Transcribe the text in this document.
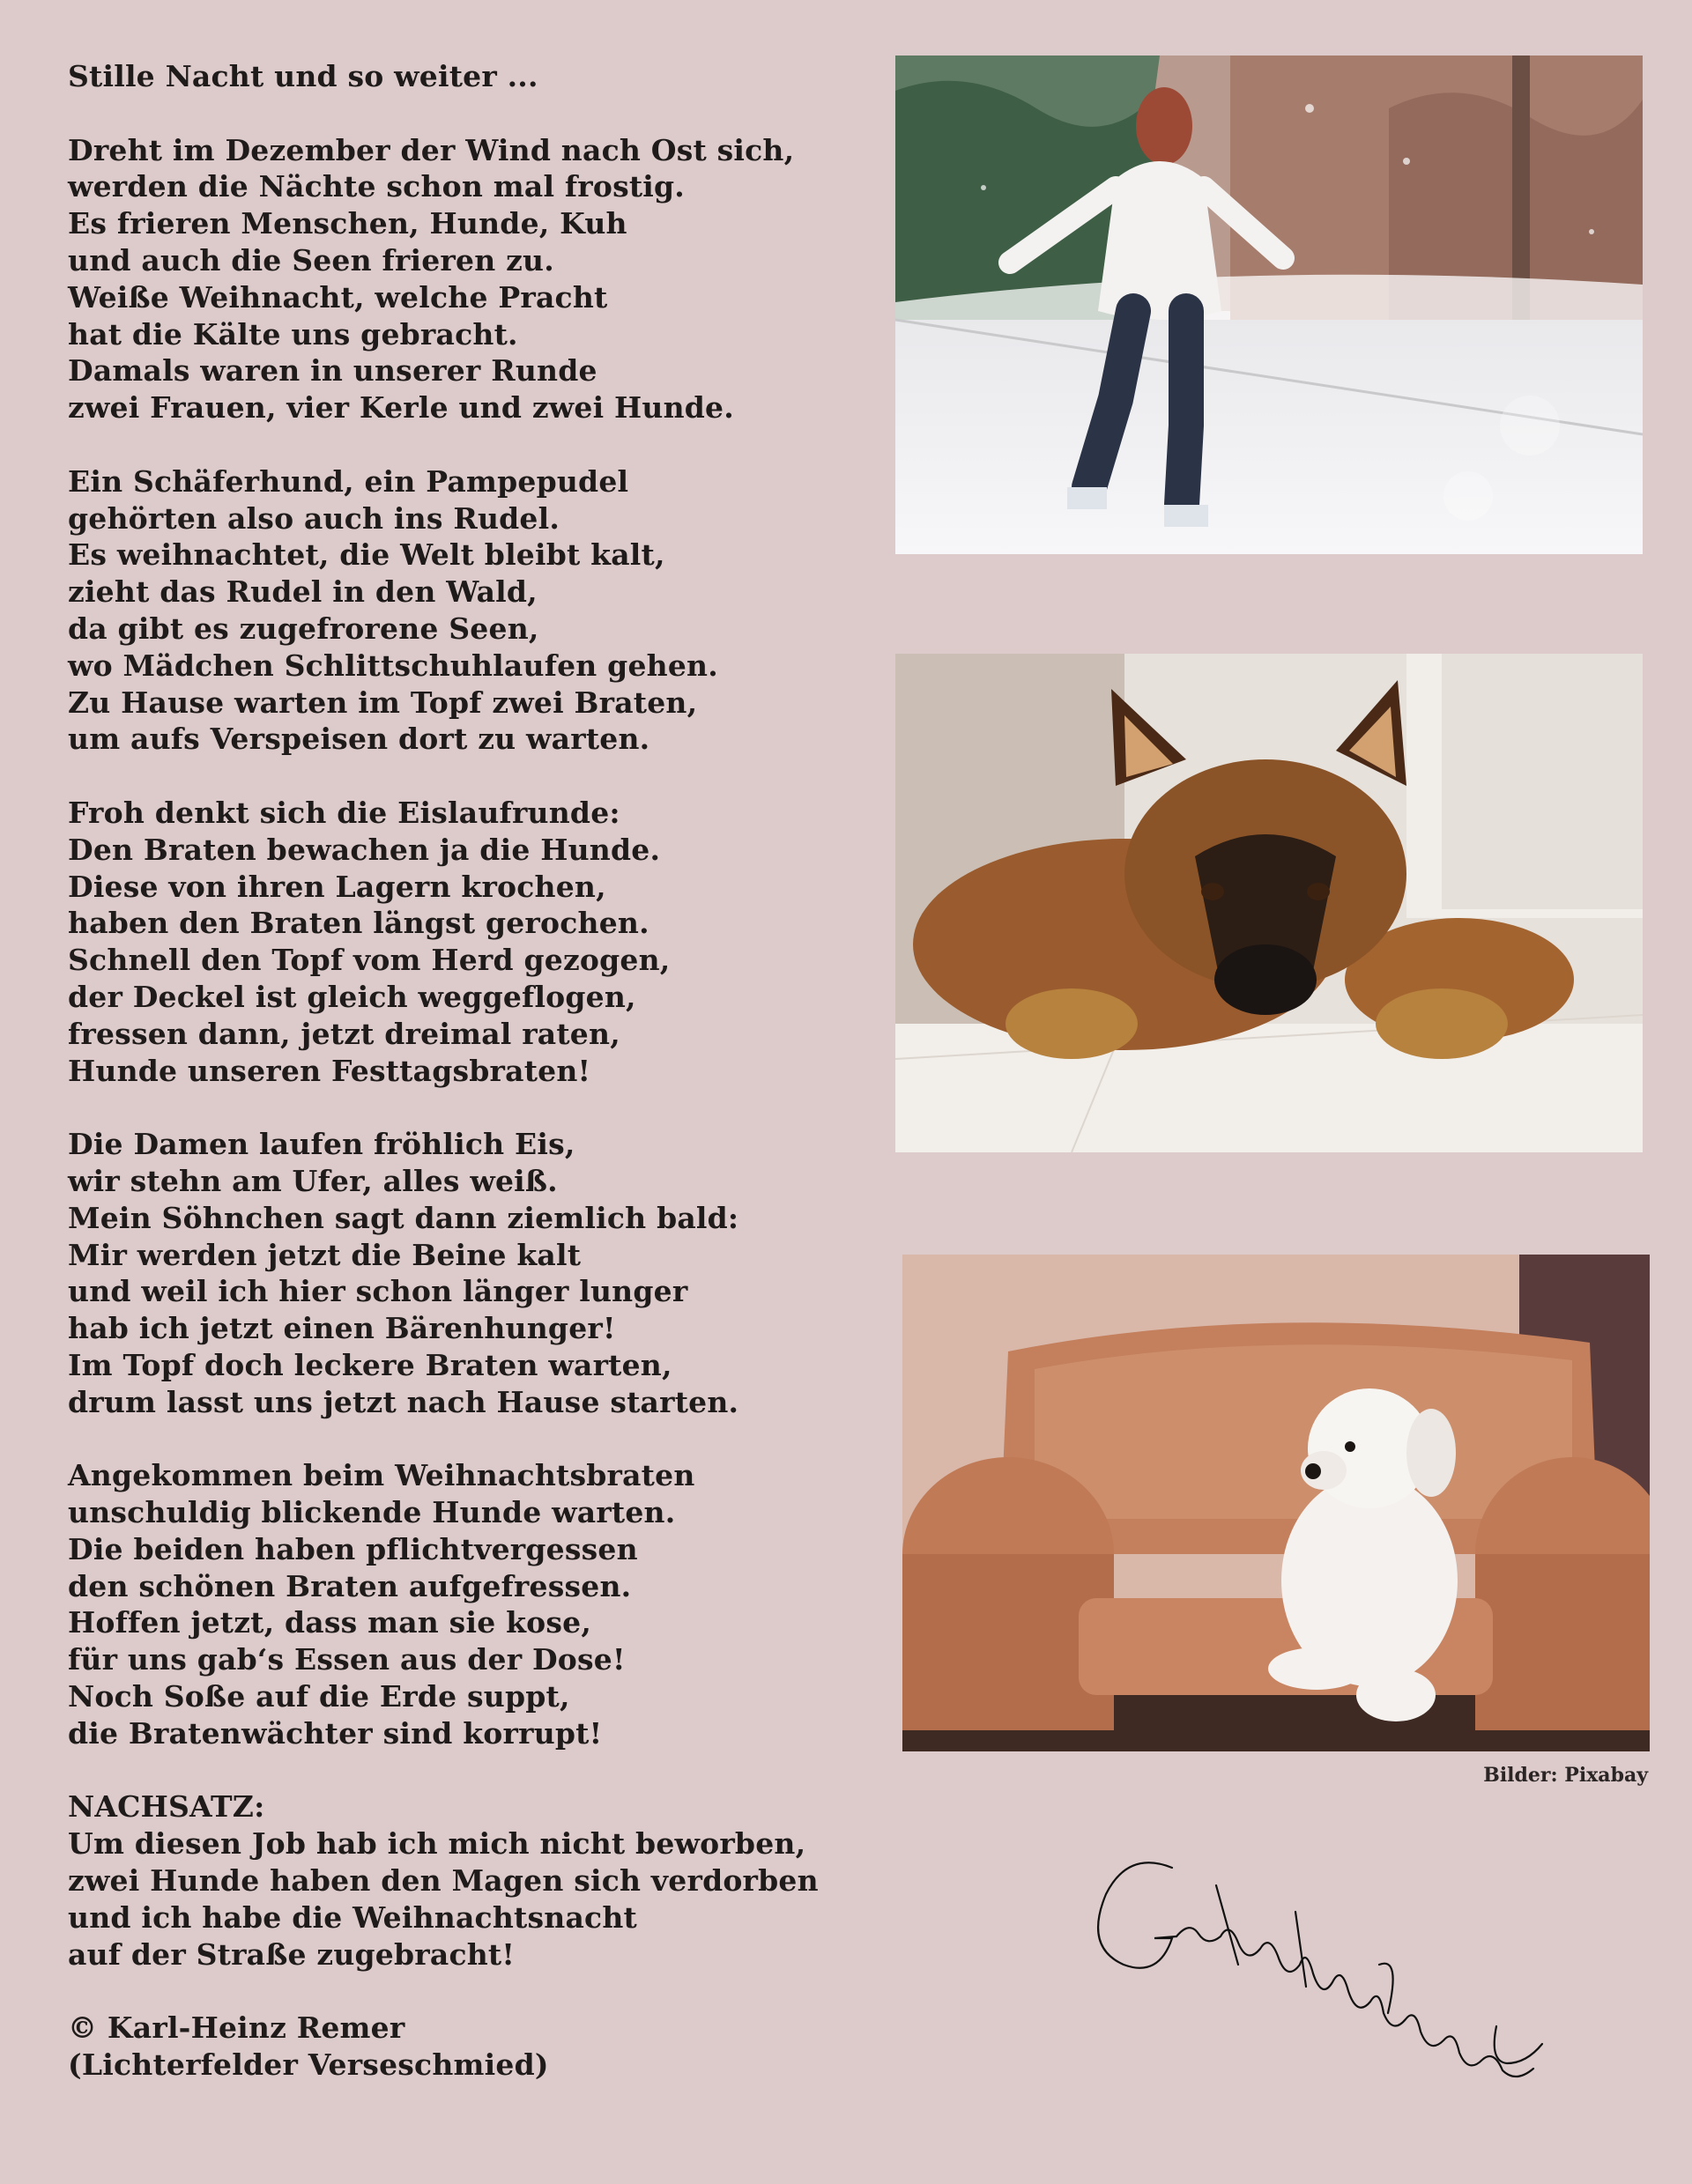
Stille Nacht und so weiter ...
Dreht im Dezember der Wind nach Ost sich,
werden die Nächte schon mal frostig.
Es frieren Menschen, Hunde, Kuh
und auch die Seen frieren zu.
Weiße Weihnacht, welche Pracht
hat die Kälte uns gebracht.
Damals waren in unserer Runde
zwei Frauen, vier Kerle und zwei Hunde.
Ein Schäferhund, ein Pampepudel
gehörten also auch ins Rudel.
Es weihnachtet, die Welt bleibt kalt,
zieht das Rudel in den Wald,
da gibt es zugefrorene Seen,
wo Mädchen Schlittschuhlaufen gehen.
Zu Hause warten im Topf zwei Braten,
um aufs Verspeisen dort zu warten.
Froh denkt sich die Eislaufrunde:
Den Braten bewachen ja die Hunde.
Diese von ihren Lagern krochen,
haben den Braten längst gerochen.
Schnell den Topf vom Herd gezogen,
der Deckel ist gleich weggeflogen,
fressen dann, jetzt dreimal raten,
Hunde unseren Festtagsbraten!
Die Damen laufen fröhlich Eis,
wir stehn am Ufer, alles weiß.
Mein Söhnchen sagt dann ziemlich bald:
Mir werden jetzt die Beine kalt
und weil ich hier schon länger lunger
hab ich jetzt einen Bärenhunger!
Im Topf doch leckere Braten warten,
drum lasst uns jetzt nach Hause starten.
Angekommen beim Weihnachtsbraten
unschuldig blickende Hunde warten.
Die beiden haben pflichtvergessen
den schönen Braten aufgefressen.
Hoffen jetzt, dass man sie kose,
für uns gab‘s Essen aus der Dose!
Noch Soße auf die Erde suppt,
die Bratenwächter sind korrupt!
NACHSATZ:
Um diesen Job hab ich mich nicht beworben,
zwei Hunde haben den Magen sich verdorben
und ich habe die Weihnachtsnacht
auf der Straße zugebracht!
© Karl-Heinz Remer
(Lichterfelder Verseschmied)
Bilder: Pixabay
